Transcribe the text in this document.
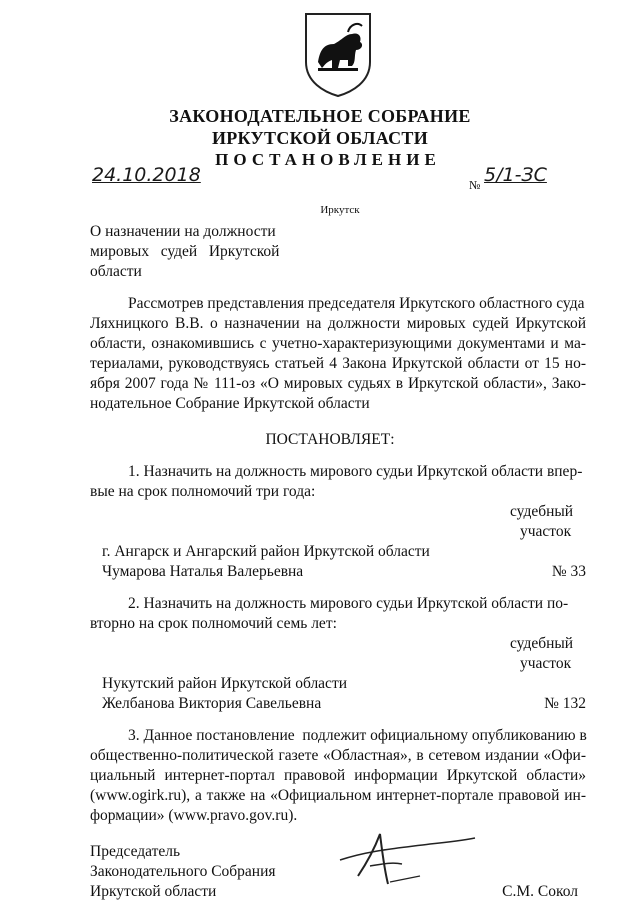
ЗАКОНОДАТЕЛЬНОЕ СОБРАНИЕ
ИРКУТСКОЙ ОБЛАСТИ
ПОСТАНОВЛЕНИЕ
24.10.2018	№ 5/1-ЗС
Иркутск
О назначении на должности
мировых   судей   Иркутской
области
Рассмотрев представления председателя Иркутского областного суда
Ляхницкого В.В. о назначении на должности мировых судей Иркутской
области, ознакомившись с учетно-характеризующими документами и ма-
териалами, руководствуясь статьей 4 Закона Иркутской области от 15 но-
ября 2007 года № 111-оз «О мировых судьях в Иркутской области», Зако-
нодательное Собрание Иркутской области
ПОСТАНОВЛЯЕТ:
1. Назначить на должность мирового судьи Иркутской области впер-
вые на срок полномочий три года:
судебный
участок
г. Ангарск и Ангарский район Иркутской области
Чумарова Наталья Валерьевна	№ 33
2. Назначить на должность мирового судьи Иркутской области по-
вторно на срок полномочий семь лет:
судебный
участок
Нукутский район Иркутской области
Желбанова Виктория Савельевна	№ 132
3. Данное постановление  подлежит официальному опубликованию в
общественно-политической газете «Областная», в сетевом издании «Офи-
циальный интернет-портал правовой информации Иркутской области»
(www.ogirk.ru), а также на «Официальном интернет-портале правовой ин-
формации» (www.pravo.gov.ru).
Председатель
Законодательного Собрания
Иркутской области	С.М. Сокол
